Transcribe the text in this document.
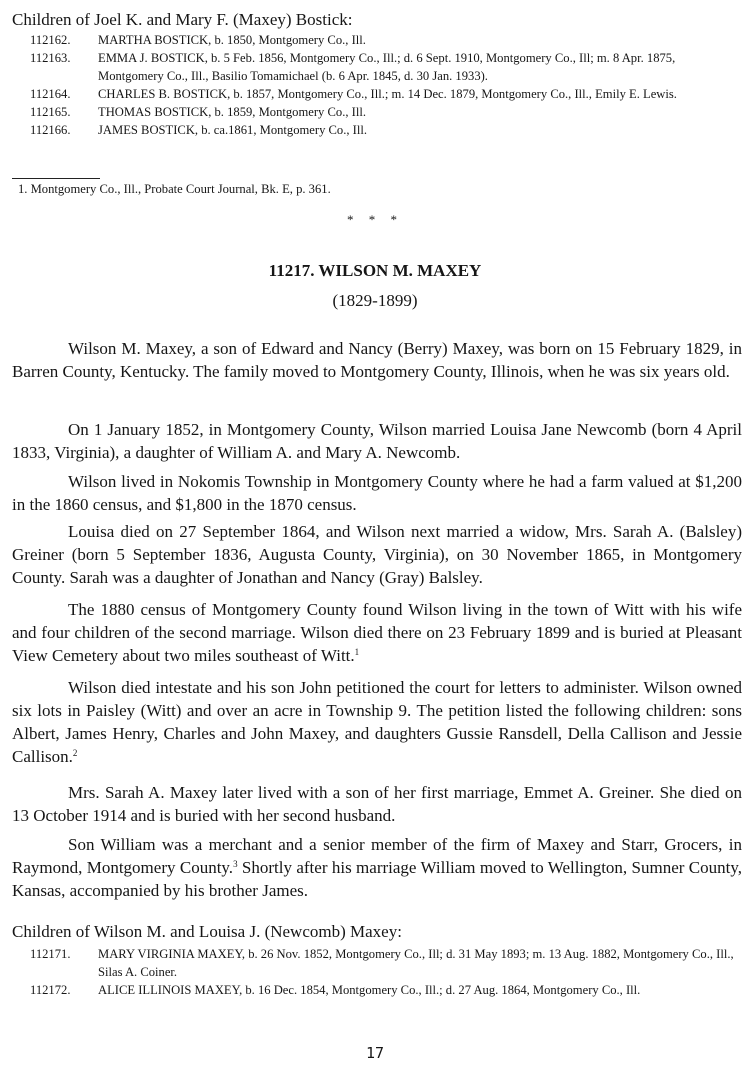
Children of Joel K. and Mary F. (Maxey) Bostick:
112162. MARTHA BOSTICK, b. 1850, Montgomery Co., Ill.
112163. EMMA J. BOSTICK, b. 5 Feb. 1856, Montgomery Co., Ill.; d. 6 Sept. 1910, Montgomery Co., Ill; m. 8 Apr. 1875, Montgomery Co., Ill., Basilio Tomamichael (b. 6 Apr. 1845, d. 30 Jan. 1933).
112164. CHARLES B. BOSTICK, b. 1857, Montgomery Co., Ill.; m. 14 Dec. 1879, Montgomery Co., Ill., Emily E. Lewis.
112165. THOMAS BOSTICK, b. 1859, Montgomery Co., Ill.
112166. JAMES BOSTICK, b. ca.1861, Montgomery Co., Ill.
1. Montgomery Co., Ill., Probate Court Journal, Bk. E, p. 361.
* * *
11217. WILSON M. MAXEY
(1829-1899)

Wilson M. Maxey, a son of Edward and Nancy (Berry) Maxey, was born on 15 February 1829, in Barren County, Kentucky. The family moved to Montgomery County, Illinois, when he was six years old.

On 1 January 1852, in Montgomery County, Wilson married Louisa Jane Newcomb (born 4 April 1833, Virginia), a daughter of William A. and Mary A. Newcomb.

Wilson lived in Nokomis Township in Montgomery County where he had a farm valued at $1,200 in the 1860 census, and $1,800 in the 1870 census.

Louisa died on 27 September 1864, and Wilson next married a widow, Mrs. Sarah A. (Balsley) Greiner (born 5 September 1836, Augusta County, Virginia), on 30 November 1865, in Montgomery County. Sarah was a daughter of Jonathan and Nancy (Gray) Balsley.

The 1880 census of Montgomery County found Wilson living in the town of Witt with his wife and four children of the second marriage. Wilson died there on 23 February 1899 and is buried at Pleasant View Cemetery about two miles southeast of Witt.$^1$

Wilson died intestate and his son John petitioned the court for letters to administer. Wilson owned six lots in Paisley (Witt) and over an acre in Township 9. The petition listed the following children: sons Albert, James Henry, Charles and John Maxey, and daughters Gussie Ransdell, Della Callison and Jessie Callison.$^2$

Mrs. Sarah A. Maxey later lived with a son of her first marriage, Emmet A. Greiner. She died on 13 October 1914 and is buried with her second husband.

Son William was a merchant and a senior member of the firm of Maxey and Starr, Grocers, in Raymond, Montgomery County.$^3$ Shortly after his marriage William moved to Wellington, Sumner County, Kansas, accompanied by his brother James.

Children of Wilson M. and Louisa J. (Newcomb) Maxey:
112171. MARY VIRGINIA MAXEY, b. 26 Nov. 1852, Montgomery Co., Ill; d. 31 May 1893; m. 13 Aug. 1882, Montgomery Co., Ill., Silas A. Coiner.
112172. ALICE ILLINOIS MAXEY, b. 16 Dec. 1854, Montgomery Co., Ill.; d. 27 Aug. 1864, Montgomery Co., Ill.
17
